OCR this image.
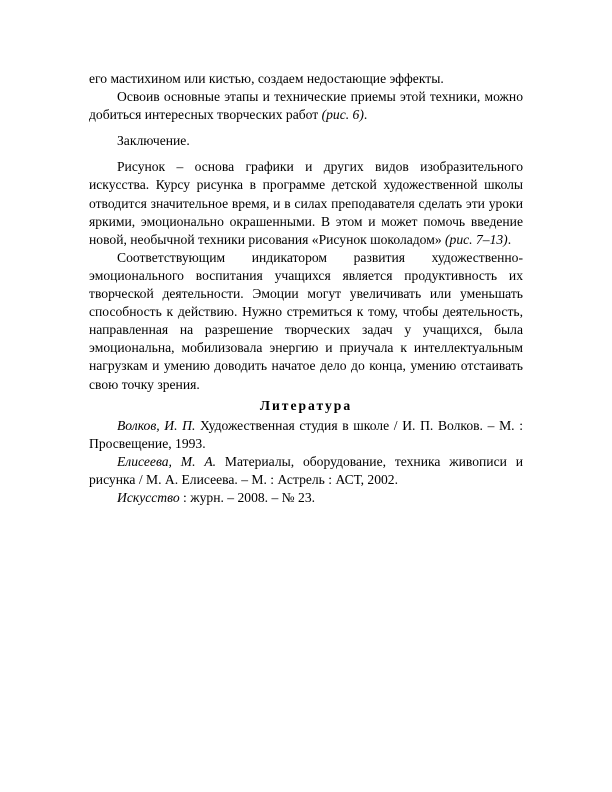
его мастихином или кистью, создаем недостающие эффекты.

Освоив основные этапы и технические приемы этой техники, можно добиться интересных творческих работ (рис. 6).

Заключение.

Рисунок – основа графики и других видов изобразительного искусства. Курсу рисунка в программе детской художественной школы отводится значительное время, и в силах преподавателя сделать эти уроки яркими, эмоционально окрашенными. В этом и может помочь введение новой, необычной техники рисования «Рисунок шоколадом» (рис. 7–13).

Соответствующим индикатором развития художественно-эмоционального воспитания учащихся является продуктивность их творческой деятельности. Эмоции могут увеличивать или уменьшать способность к действию. Нужно стремиться к тому, чтобы деятельность, направленная на разрешение творческих задач у учащихся, была эмоциональна, мобилизовала энергию и приучала к интеллектуальным нагрузкам и умению доводить начатое дело до конца, умению отстаивать свою точку зрения.

Литература

Волков, И. П. Художественная студия в школе / И. П. Волков. – М. : Просвещение, 1993.

Елисеева, М. А. Материалы, оборудование, техника живописи и рисунка / М. А. Елисеева. – М. : Астрель : АСТ, 2002.

Искусство : журн. – 2008. – № 23.
